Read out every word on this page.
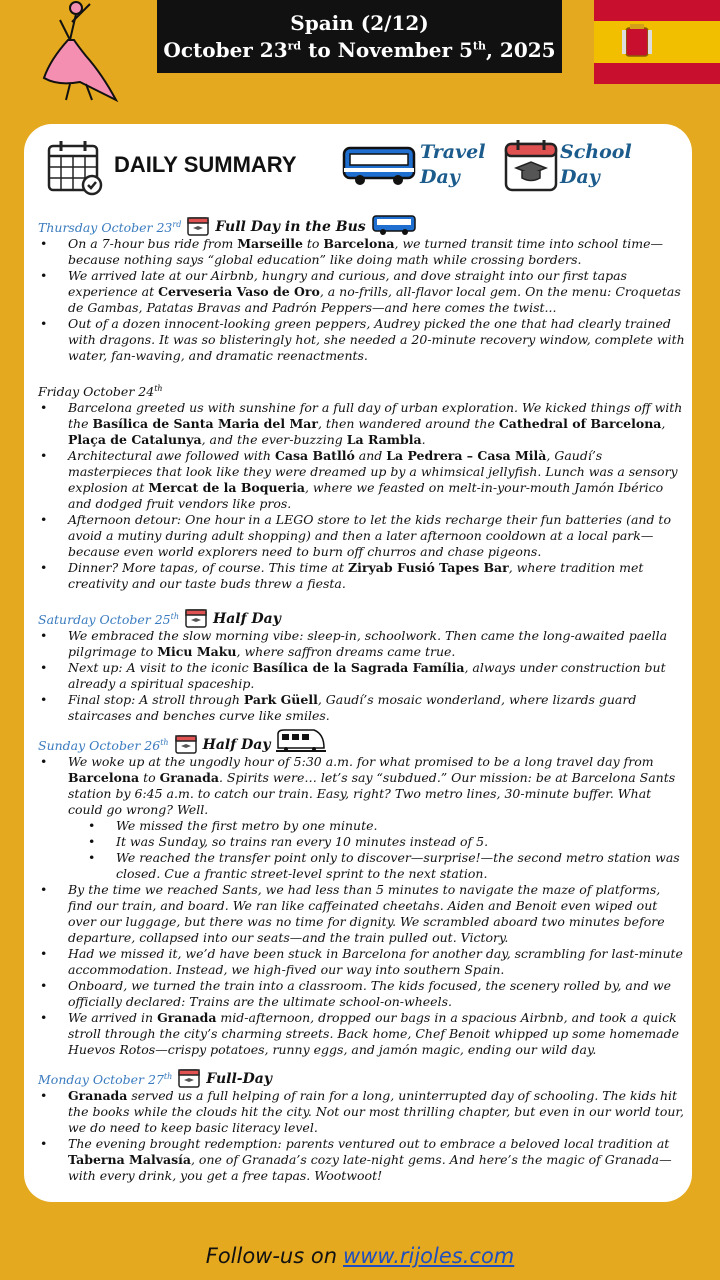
Spain (2/12)
October 23rd to November 5th, 2025
DAILY SUMMARY	Travel
Day
School
Day
Thursday October 23rd Full Day in the Bus
• On a 7-hour bus ride from Marseille to Barcelona, we turned transit time into school time—because nothing says “global education” like doing math while crossing borders.
• We arrived late at our Airbnb, hungry and curious, and dove straight into our first tapas experience at Cerveseria Vaso de Oro, a no-frills, all-flavor local gem. On the menu: Croquetas de Gambas, Patatas Bravas and Padrón Peppers—and here comes the twist...
• Out of a dozen innocent-looking green peppers, Audrey picked the one that had clearly trained with dragons. It was so blisteringly hot, she needed a 20-minute recovery window, complete with water, fan-waving, and dramatic reenactments.
Friday October 24th
• Barcelona greeted us with sunshine for a full day of urban exploration. We kicked things off with the Basílica de Santa Maria del Mar, then wandered around the Cathedral of Barcelona, Plaça de Catalunya, and the ever-buzzing La Rambla.
• Architectural awe followed with Casa Batlló and La Pedrera – Casa Milà, Gaudí’s masterpieces that look like they were dreamed up by a whimsical jellyfish. Lunch was a sensory explosion at Mercat de la Boqueria, where we feasted on melt-in-your-mouth Jamón Ibérico and dodged fruit vendors like pros.
• Afternoon detour: One hour in a LEGO store to let the kids recharge their fun batteries (and to avoid a mutiny during adult shopping) and then a later afternoon cooldown at a local park—because even world explorers need to burn off churros and chase pigeons.
• Dinner? More tapas, of course. This time at Ziryab Fusió Tapes Bar, where tradition met creativity and our taste buds threw a fiesta.
Saturday October 25th Half Day
• We embraced the slow morning vibe: sleep-in, schoolwork. Then came the long-awaited paella pilgrimage to Micu Maku, where saffron dreams came true.
• Next up: A visit to the iconic Basílica de la Sagrada Família, always under construction but already a spiritual spaceship.
• Final stop: A stroll through Park Güell, Gaudí’s mosaic wonderland, where lizards guard staircases and benches curve like smiles.
Sunday October 26th Half Day
• We woke up at the ungodly hour of 5:30 a.m. for what promised to be a long travel day from Barcelona to Granada. Spirits were… let’s say “subdued.” Our mission: be at Barcelona Sants station by 6:45 a.m. to catch our train. Easy, right? Two metro lines, 30-minute buffer. What could go wrong? Well.
• We missed the first metro by one minute.
• It was Sunday, so trains ran every 10 minutes instead of 5.
• We reached the transfer point only to discover—surprise!—the second metro station was closed. Cue a frantic street-level sprint to the next station.
• By the time we reached Sants, we had less than 5 minutes to navigate the maze of platforms, find our train, and board. We ran like caffeinated cheetahs. Aiden and Benoit even wiped out over our luggage, but there was no time for dignity. We scrambled aboard two minutes before departure, collapsed into our seats—and the train pulled out. Victory.
• Had we missed it, we’d have been stuck in Barcelona for another day, scrambling for last-minute accommodation. Instead, we high-fived our way into southern Spain.
• Onboard, we turned the train into a classroom. The kids focused, the scenery rolled by, and we officially declared: Trains are the ultimate school-on-wheels.
• We arrived in Granada mid-afternoon, dropped our bags in a spacious Airbnb, and took a quick stroll through the city’s charming streets. Back home, Chef Benoit whipped up some homemade Huevos Rotos—crispy potatoes, runny eggs, and jamón magic, ending our wild day.
Monday October 27th Full-Day
• Granada served us a full helping of rain for a long, uninterrupted day of schooling. The kids hit the books while the clouds hit the city. Not our most thrilling chapter, but even in our world tour, we do need to keep basic literacy level.
• The evening brought redemption: parents ventured out to embrace a beloved local tradition at Taberna Malvasía, one of Granada’s cozy late-night gems. And here’s the magic of Granada—with every drink, you get a free tapas. Wootwoot!
Follow-us on www.rijoles.com
